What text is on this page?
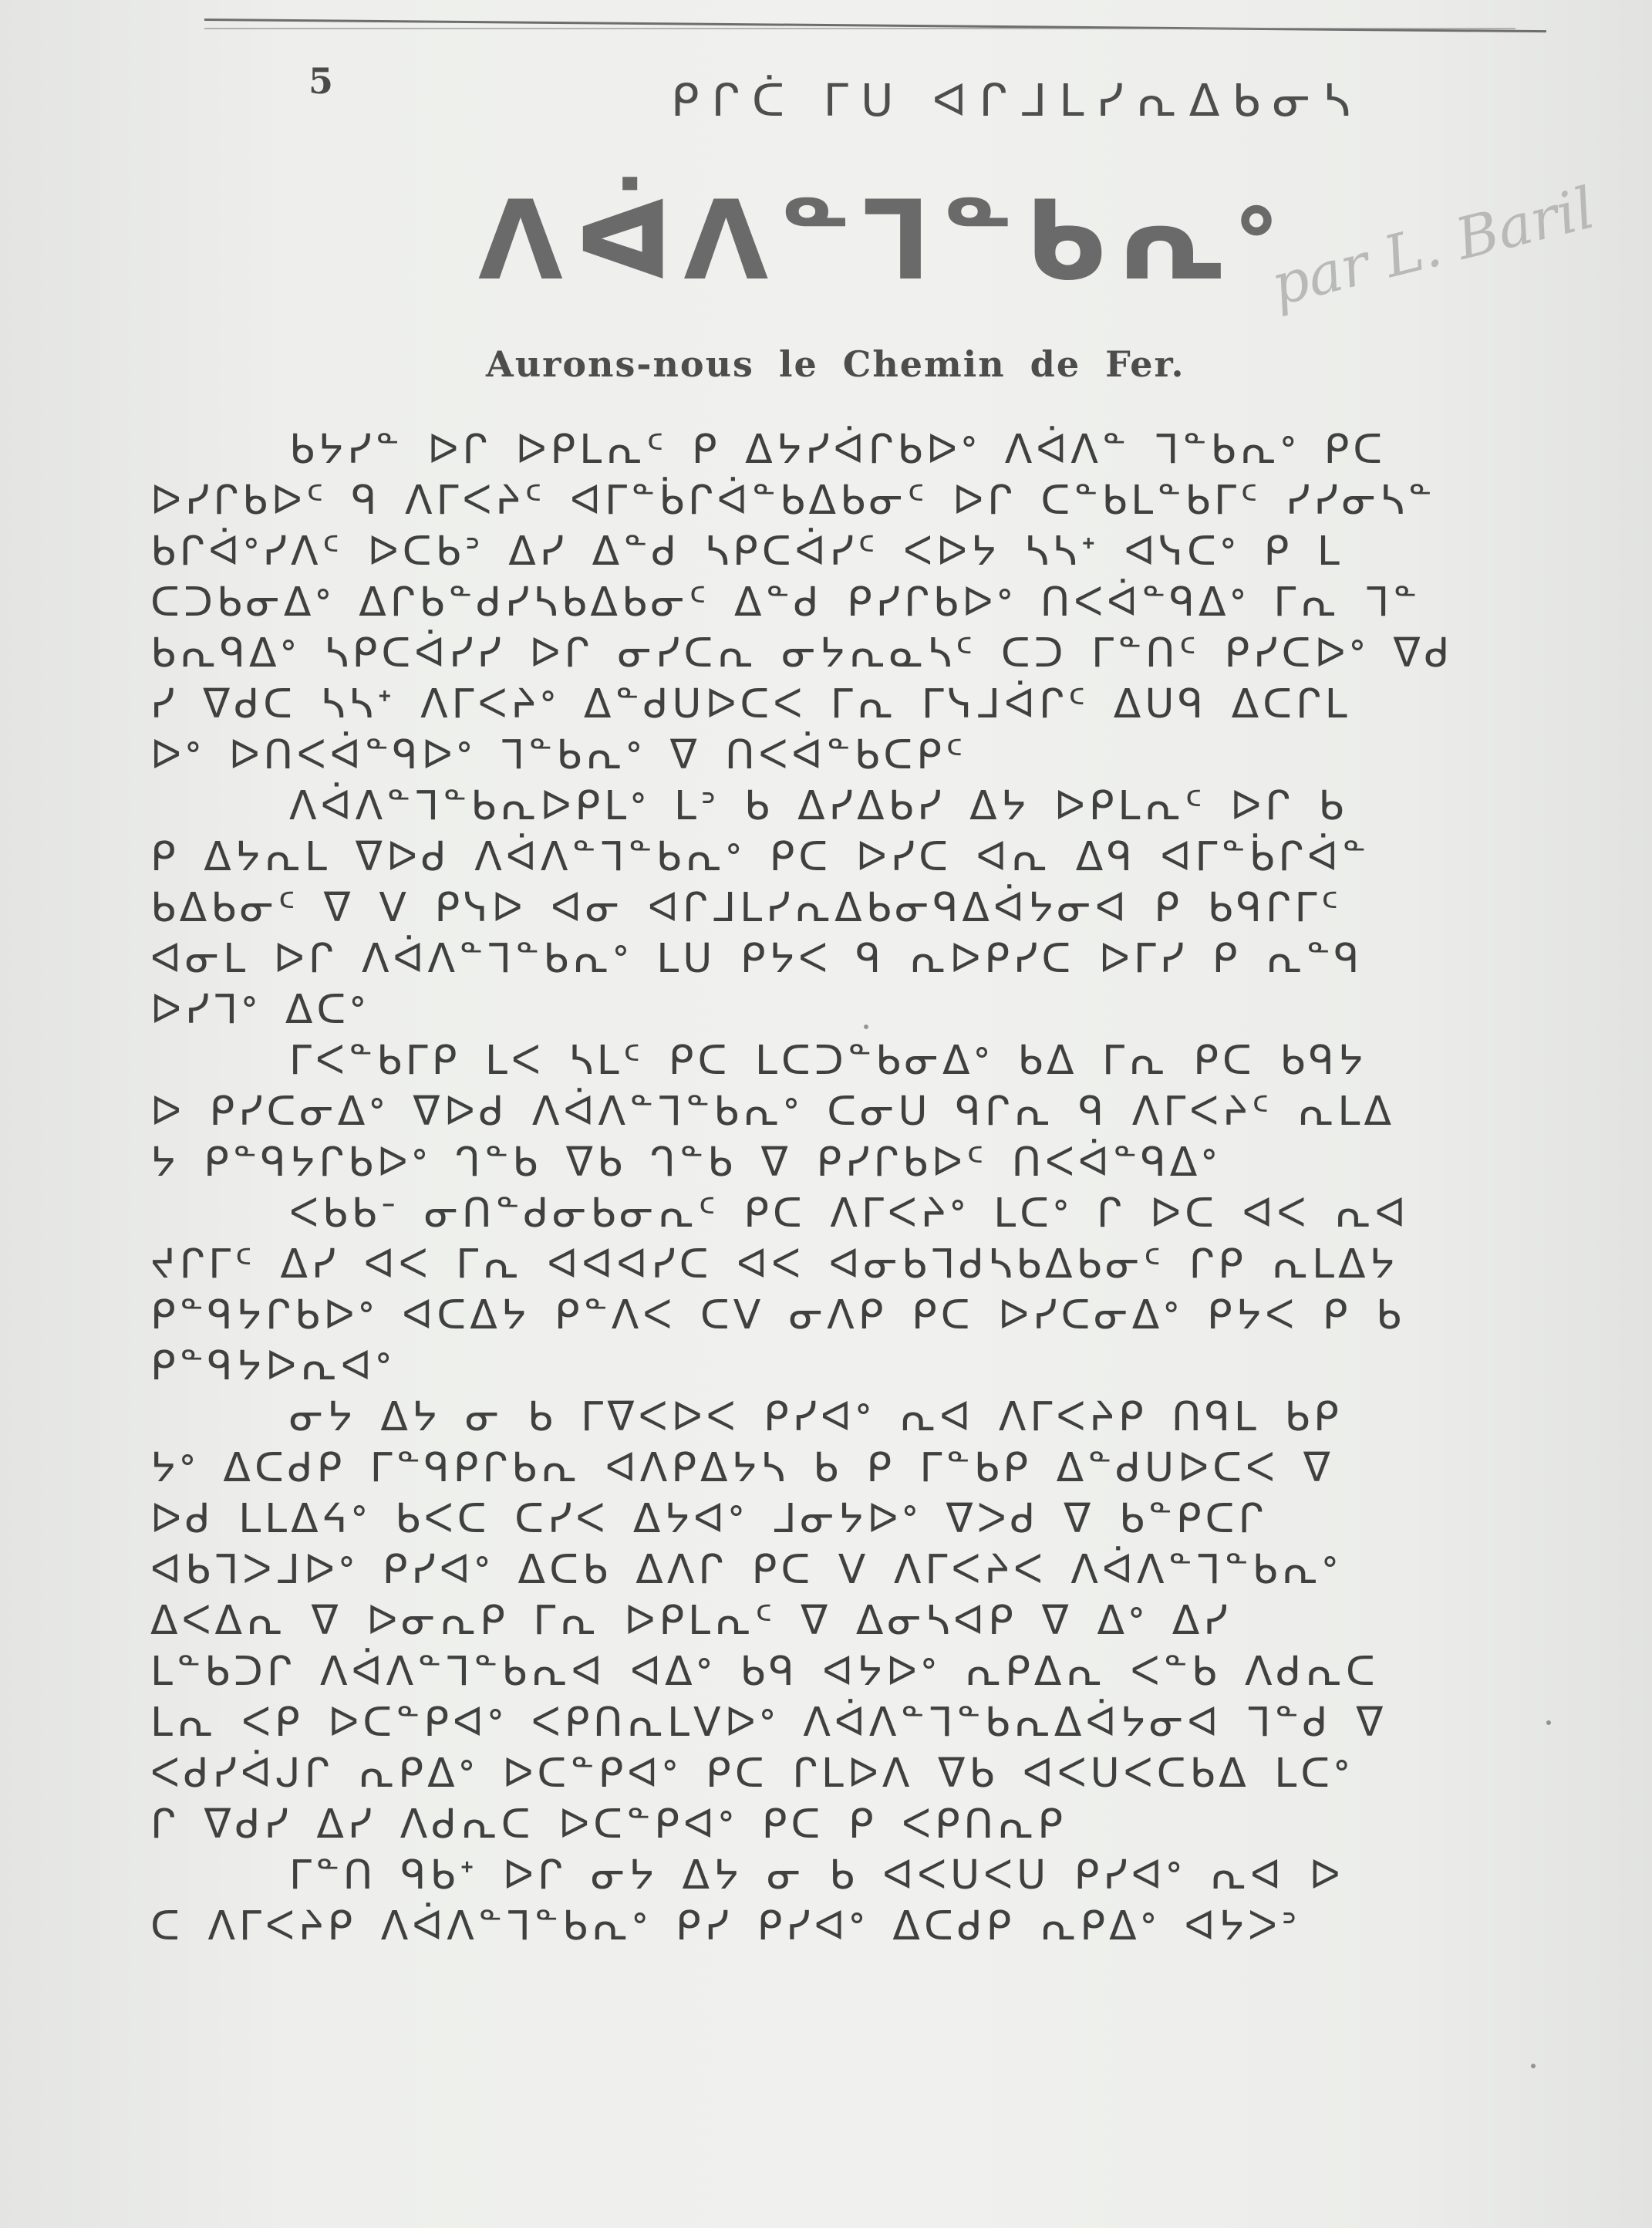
5	ᑭᒋᑖ ᒥᑌ ᐊᒋᒧᒪᓯᕆᐃᑲᓂᓴ
ᐱᐋᐱᓐᒣᓐᑲᕆᐤ
Aurons-nous le Chemin de Fer.
par L. Baril
ᑲᔭᓯᓐ ᐅᒋ ᐅᑭᒪᕆᑦ ᑭ ᐃᔭᓯᐋᒋᑲᐅᐤ ᐱᐋᐱᓐ ᒣᓐᑲᕆᐤ ᑭᑕ
ᐅᓯᒋᑲᐅᑦ ᑫ ᐱᒥᐸᔨᑦ ᐊᒥᓐᑳᒋᐋᓐᑲᐃᑲᓂᑦ ᐅᒋ ᑕᓐᑲᒪᓐᑲᒥᑦ ᓯᓯᓂᓴᓐ
ᑲᒋᐋᐤᓯᐱᑦ ᐅᑕᑲᐣ ᐃᓯ ᐃᓐᑯ ᓴᑭᑕᐋᓯᑦ ᐸᐅᔭ ᓴᓴᐩ ᐊᓭᑕᐤ ᑭ ᒪ
ᑕᑐᑲᓂᐃᐤ ᐃᒋᑲᓐᑯᓯᓴᑲᐃᑲᓂᑦ ᐃᓐᑯ ᑭᓯᒋᑲᐅᐤ ᑎᐸᐋᓐᑫᐃᐤ ᒥᕆ ᒣᓐ
ᑲᕆᑫᐃᐤ ᓴᑭᑕᐋᓯᓯ ᐅᒋ ᓂᓯᑕᕆ ᓂᔭᕆᓇᓴᑦ ᑕᑐ ᒥᓐᑎᑦ ᑭᓯᑕᐅᐤ ᐁᑯ
ᓯ ᐁᑯᑕ ᓴᓴᐩ ᐱᒥᐸᔨᐤ ᐃᓐᑯᑌᐅᑕᐸ ᒥᕆ ᒥᓭᒧᐋᒋᑦ ᐃᑌᑫ ᐃᑕᒋᒪ
ᐅᐤ ᐅᑎᐸᐋᓐᑫᐅᐤ ᒣᓐᑲᕆᐤ ᐁ ᑎᐸᐋᓐᑲᑕᑭᑦ
ᐱᐋᐱᓐᒣᓐᑲᕆᐅᑭᒪᐤ ᒪᐣ ᑲ ᐃᓯᐃᑲᓯ ᐃᔭ ᐅᑭᒪᕆᑦ ᐅᒋ ᑲ
ᑭ ᐃᔭᕆᒪ ᐁᐅᑯ ᐱᐋᐱᓐᒣᓐᑲᕆᐤ ᑭᑕ ᐅᓯᑕ ᐊᕆ ᐃᑫ ᐊᒥᓐᑳᒋᐋᓐ
ᑲᐃᑲᓂᑦ ᐁ ᐯ ᑭᓭᐅ ᐊᓂ ᐊᒋᒧᒪᓯᕆᐃᑲᓂᑫᐃᐋᔭᓂᐊ ᑭ ᑲᑫᒋᒥᑦ
ᐊᓂᒪ ᐅᒋ ᐱᐋᐱᓐᒣᓐᑲᕆᐤ ᒪᑌ ᑭᔭᐸ ᑫ ᕆᐅᑭᓯᑕ ᐅᒥᓯ ᑭ ᕆᓐᑫ
ᐅᓯᒣᐤ ᐃᑕᐤ
ᒥᐸᓐᑲᒥᑭ ᒪᐸ ᓴᒪᑦ ᑭᑕ ᒪᑕᑐᓐᑲᓂᐃᐤ ᑲᐃ ᒥᕆ ᑭᑕ ᑲᑫᔭ
ᐅ ᑭᓯᑕᓂᐃᐤ ᐁᐅᑯ ᐱᐋᐱᓐᒣᓐᑲᕆᐤ ᑕᓂᑌ ᑫᒋᕆ ᑫ ᐱᒥᐸᔨᑦ ᕆᒪᐃ
ᔭ ᑭᓐᑫᔭᒋᑲᐅᐤ ᒉᓐᑲ ᐁᑲ ᒉᓐᑲ ᐁ ᑭᓯᒋᑲᐅᑦ ᑎᐸᐋᓐᑫᐃᐤ
ᐸᑲᑲᐨ ᓂᑎᓐᑯᓂᑲᓂᕆᑦ ᑭᑕ ᐱᒥᐸᔨᐤ ᒪᑕᐤ ᒋ ᐅᑕ ᐊᐸ ᕆᐊ
ᔪᒋᒥᑦ ᐃᓯ ᐊᐸ ᒥᕆ ᐊᐊᐊᓯᑕ ᐊᐸ ᐊᓂᑲᒣᑯᓴᑲᐃᑲᓂᑦ ᒋᑭ ᕆᒪᐃᔭ
ᑭᓐᑫᔭᒋᑲᐅᐤ ᐊᑕᐃᔭ ᑭᓐᐱᐸ ᑕᐯ ᓂᐱᑭ ᑭᑕ ᐅᓯᑕᓂᐃᐤ ᑭᔭᐸ ᑭ ᑲ
ᑭᓐᑫᔭᐅᕆᐊᐤ
ᓂᔭ ᐃᔭ ᓂ ᑲ ᒥᐁᐸᐅᐸ ᑭᓯᐊᐤ ᕆᐊ ᐱᒥᐸᔨᑭ ᑎᑫᒪ ᑲᑭ
ᔭᐤ ᐃᑕᑯᑭ ᒥᓐᑫᑭᒋᑲᕆ ᐊᐱᑭᐃᔭᓴ ᑲ ᑭ ᒥᓐᑲᑭ ᐃᓐᑯᑌᐅᑕᐸ ᐁ
ᐅᑯ ᒪᒪᐃᔦᐤ ᑲᐸᑕ ᑕᓯᐸ ᐃᔭᐊᐤ ᒧᓂᔭᐅᐤ ᐁᐳᑯ ᐁ ᑲᓐᑭᑕᒋ
ᐊᑲᒣᐳᒧᐅᐤ ᑭᓯᐊᐤ ᐃᑕᑲ ᐃᐱᒋ ᑭᑕ ᐯ ᐱᒥᐸᔨᐸ ᐱᐋᐱᓐᒣᓐᑲᕆᐤ
ᐃᐸᐃᕆ ᐁ ᐅᓂᕆᑭ ᒥᕆ ᐅᑭᒪᕆᑦ ᐁ ᐃᓂᓴᐊᑭ ᐁ ᐃᐤ ᐃᓯ
ᒪᓐᑲᑐᒋ ᐱᐋᐱᓐᒣᓐᑲᕆᐊ ᐊᐃᐤ ᑲᑫ ᐊᔭᐅᐤ ᕆᑭᐃᕆ ᐸᓐᑲ ᐱᑯᕆᑕ
ᒪᕆ ᐸᑭ ᐅᑕᓐᑭᐊᐤ ᐸᑭᑎᕆᒪᐯᐅᐤ ᐱᐋᐱᓐᒣᓐᑲᕆᐃᐋᔭᓂᐊ ᒣᓐᑯ ᐁ
ᐸᑯᓯᐋᒍᒋ ᕆᑭᐃᐤ ᐅᑕᓐᑭᐊᐤ ᑭᑕ ᒋᒪᐅᐱ ᐁᑲ ᐊᐸᑌᐸᑕᑲᐃ ᒪᑕᐤ
ᒋ ᐁᑯᓯ ᐃᓯ ᐱᑯᕆᑕ ᐅᑕᓐᑭᐊᐤ ᑭᑕ ᑭ ᐸᑭᑎᕆᑭ
ᒥᓐᑎ ᑫᑲᐩ ᐅᒋ ᓂᔭ ᐃᔭ ᓂ ᑲ ᐊᐸᑌᐸᑌ ᑭᓯᐊᐤ ᕆᐊ ᐅ
ᑕ ᐱᒥᐸᔨᑭ ᐱᐋᐱᓐᒣᓐᑲᕆᐤ ᑭᓯ ᑭᓯᐊᐤ ᐃᑕᑯᑭ ᕆᑭᐃᐤ ᐊᔭᐳᐣ
